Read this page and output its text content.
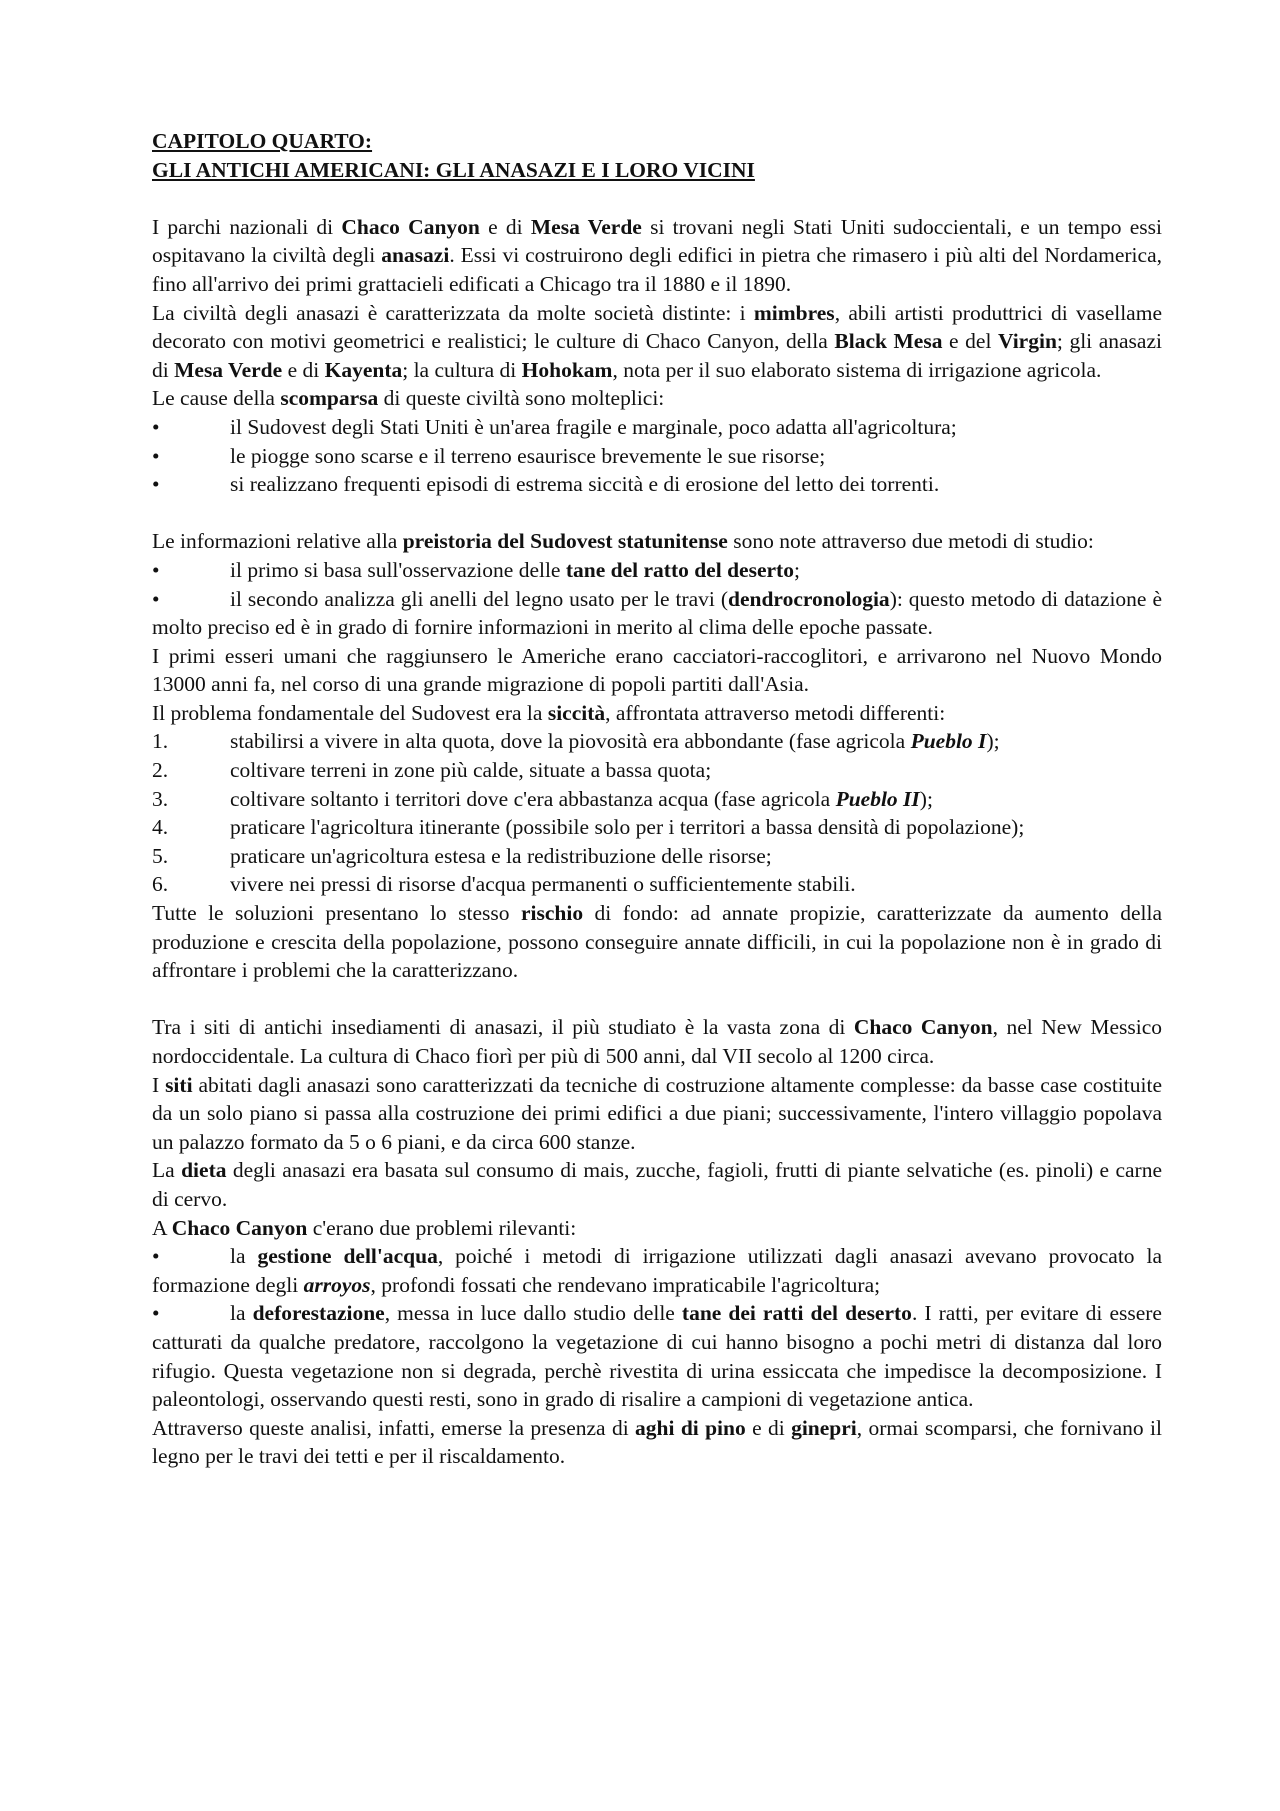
CAPITOLO QUARTO:
GLI ANTICHI AMERICANI: GLI ANASAZI E I LORO VICINI
I parchi nazionali di Chaco Canyon e di Mesa Verde si trovani negli Stati Uniti sudoccientali, e un tempo essi ospitavano la civiltà degli anasazi. Essi vi costruirono degli edifici in pietra che rimasero i più alti del Nordamerica, fino all'arrivo dei primi grattacieli edificati a Chicago tra il 1880 e il 1890.
La civiltà degli anasazi è caratterizzata da molte società distinte: i mimbres, abili artisti produttrici di vasellame decorato con motivi geometrici e realistici; le culture di Chaco Canyon, della Black Mesa e del Virgin; gli anasazi di Mesa Verde e di Kayenta; la cultura di Hohokam, nota per il suo elaborato sistema di irrigazione agricola.
Le cause della scomparsa di queste civiltà sono molteplici:
•	il Sudovest degli Stati Uniti è un'area fragile e marginale, poco adatta all'agricoltura;
•	le piogge sono scarse e il terreno esaurisce brevemente le sue risorse;
•	si realizzano frequenti episodi di estrema siccità e di erosione del letto dei torrenti.
Le informazioni relative alla preistoria del Sudovest statunitense sono note attraverso due metodi di studio:
•	il primo si basa sull'osservazione delle tane del ratto del deserto;
•	il secondo analizza gli anelli del legno usato per le travi (dendrocronologia): questo metodo di datazione è molto preciso ed è in grado di fornire informazioni in merito al clima delle epoche passate.
I primi esseri umani che raggiunsero le Americhe erano cacciatori-raccoglitori, e arrivarono nel Nuovo Mondo 13000 anni fa, nel corso di una grande migrazione di popoli partiti dall'Asia.
Il problema fondamentale del Sudovest era la siccità, affrontata attraverso metodi differenti:
1.	stabilirsi a vivere in alta quota, dove la piovosità era abbondante (fase agricola Pueblo I);
2.	coltivare terreni in zone più calde, situate a bassa quota;
3.	coltivare soltanto i territori dove c'era abbastanza acqua (fase agricola Pueblo II);
4.	praticare l'agricoltura itinerante (possibile solo per i territori a bassa densità di popolazione);
5.	praticare un'agricoltura estesa e la redistribuzione delle risorse;
6.	vivere nei pressi di risorse d'acqua permanenti o sufficientemente stabili.
Tutte le soluzioni presentano lo stesso rischio di fondo: ad annate propizie, caratterizzate da aumento della produzione e crescita della popolazione, possono conseguire annate difficili, in cui la popolazione non è in grado di affrontare i problemi che la caratterizzano.
Tra i siti di antichi insediamenti di anasazi, il più studiato è la vasta zona di Chaco Canyon, nel New Messico nordoccidentale. La cultura di Chaco fiorì per più di 500 anni, dal VII secolo al 1200 circa.
I siti abitati dagli anasazi sono caratterizzati da tecniche di costruzione altamente complesse: da basse case costituite da un solo piano si passa alla costruzione dei primi edifici a due piani; successivamente, l'intero villaggio popolava un palazzo formato da 5 o 6 piani, e da circa 600 stanze.
La dieta degli anasazi era basata sul consumo di mais, zucche, fagioli, frutti di piante selvatiche (es. pinoli) e carne di cervo.
A Chaco Canyon c'erano due problemi rilevanti:
•	la gestione dell'acqua, poiché i metodi di irrigazione utilizzati dagli anasazi avevano provocato la formazione degli arroyos, profondi fossati che rendevano impraticabile l'agricoltura;
•	la deforestazione, messa in luce dallo studio delle tane dei ratti del deserto. I ratti, per evitare di essere catturati da qualche predatore, raccolgono la vegetazione di cui hanno bisogno a pochi metri di distanza dal loro rifugio. Questa vegetazione non si degrada, perchè rivestita di urina essiccata che impedisce la decomposizione. I paleontologi, osservando questi resti, sono in grado di risalire a campioni di vegetazione antica.
Attraverso queste analisi, infatti, emerse la presenza di aghi di pino e di ginepri, ormai scomparsi, che fornivano il legno per le travi dei tetti e per il riscaldamento.
